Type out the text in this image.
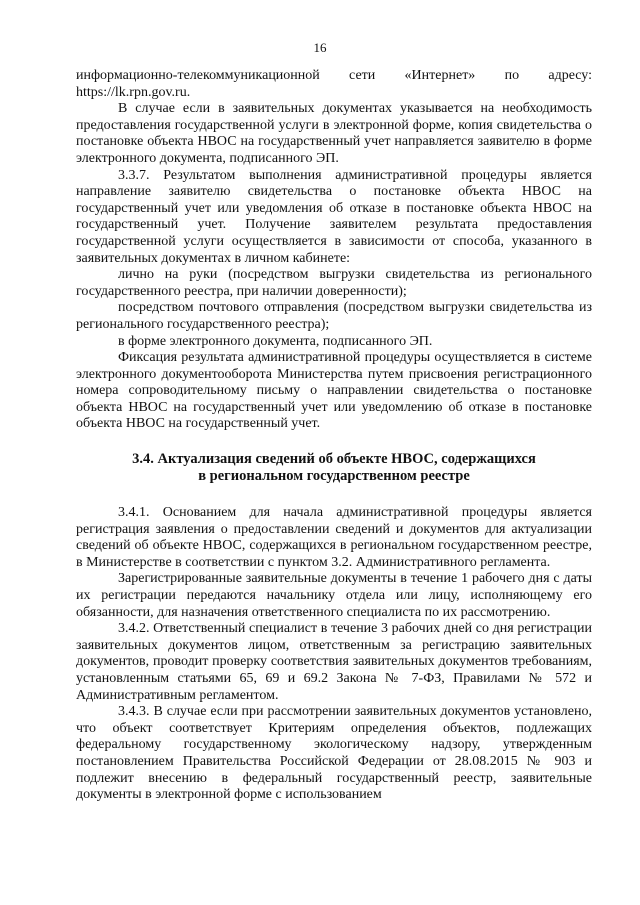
16

информационно-телекоммуникационной сети «Интернет» по адресу: https://lk.rpn.gov.ru.

В случае если в заявительных документах указывается на необходимость предоставления государственной услуги в электронной форме, копия свидетельства о постановке объекта НВОС на государственный учет направляется заявителю в форме электронного документа, подписанного ЭП.

3.3.7. Результатом выполнения административной процедуры является направление заявителю свидетельства о постановке объекта НВОС на государственный учет или уведомления об отказе в постановке объекта НВОС на государственный учет. Получение заявителем результата предоставления государственной услуги осуществляется в зависимости от способа, указанного в заявительных документах в личном кабинете:

лично на руки (посредством выгрузки свидетельства из регионального государственного реестра, при наличии доверенности);

посредством почтового отправления (посредством выгрузки свидетельства из регионального государственного реестра);

в форме электронного документа, подписанного ЭП.

Фиксация результата административной процедуры осуществляется в системе электронного документооборота Министерства путем присвоения регистрационного номера сопроводительному письму о направлении свидетельства о постановке объекта НВОС на государственный учет или уведомлению об отказе в постановке объекта НВОС на государственный учет.

3.4. Актуализация сведений об объекте НВОС, содержащихся
в региональном государственном реестре

3.4.1. Основанием для начала административной процедуры является регистрация заявления о предоставлении сведений и документов для актуализации сведений об объекте НВОС, содержащихся в региональном государственном реестре, в Министерстве в соответствии с пунктом 3.2. Административного регламента.

Зарегистрированные заявительные документы в течение 1 рабочего дня с даты их регистрации передаются начальнику отдела или лицу, исполняющему его обязанности, для назначения ответственного специалиста по их рассмотрению.

3.4.2. Ответственный специалист в течение 3 рабочих дней со дня регистрации заявительных документов лицом, ответственным за регистрацию заявительных документов, проводит проверку соответствия заявительных документов требованиям, установленным статьями 65, 69 и 69.2 Закона № 7-ФЗ, Правилами № 572 и Административным регламентом.

3.4.3. В случае если при рассмотрении заявительных документов установлено, что объект соответствует Критериям определения объектов, подлежащих федеральному государственному экологическому надзору, утвержденным постановлением Правительства Российской Федерации от 28.08.2015 № 903 и подлежит внесению в федеральный государственный реестр, заявительные документы в электронной форме с использованием
